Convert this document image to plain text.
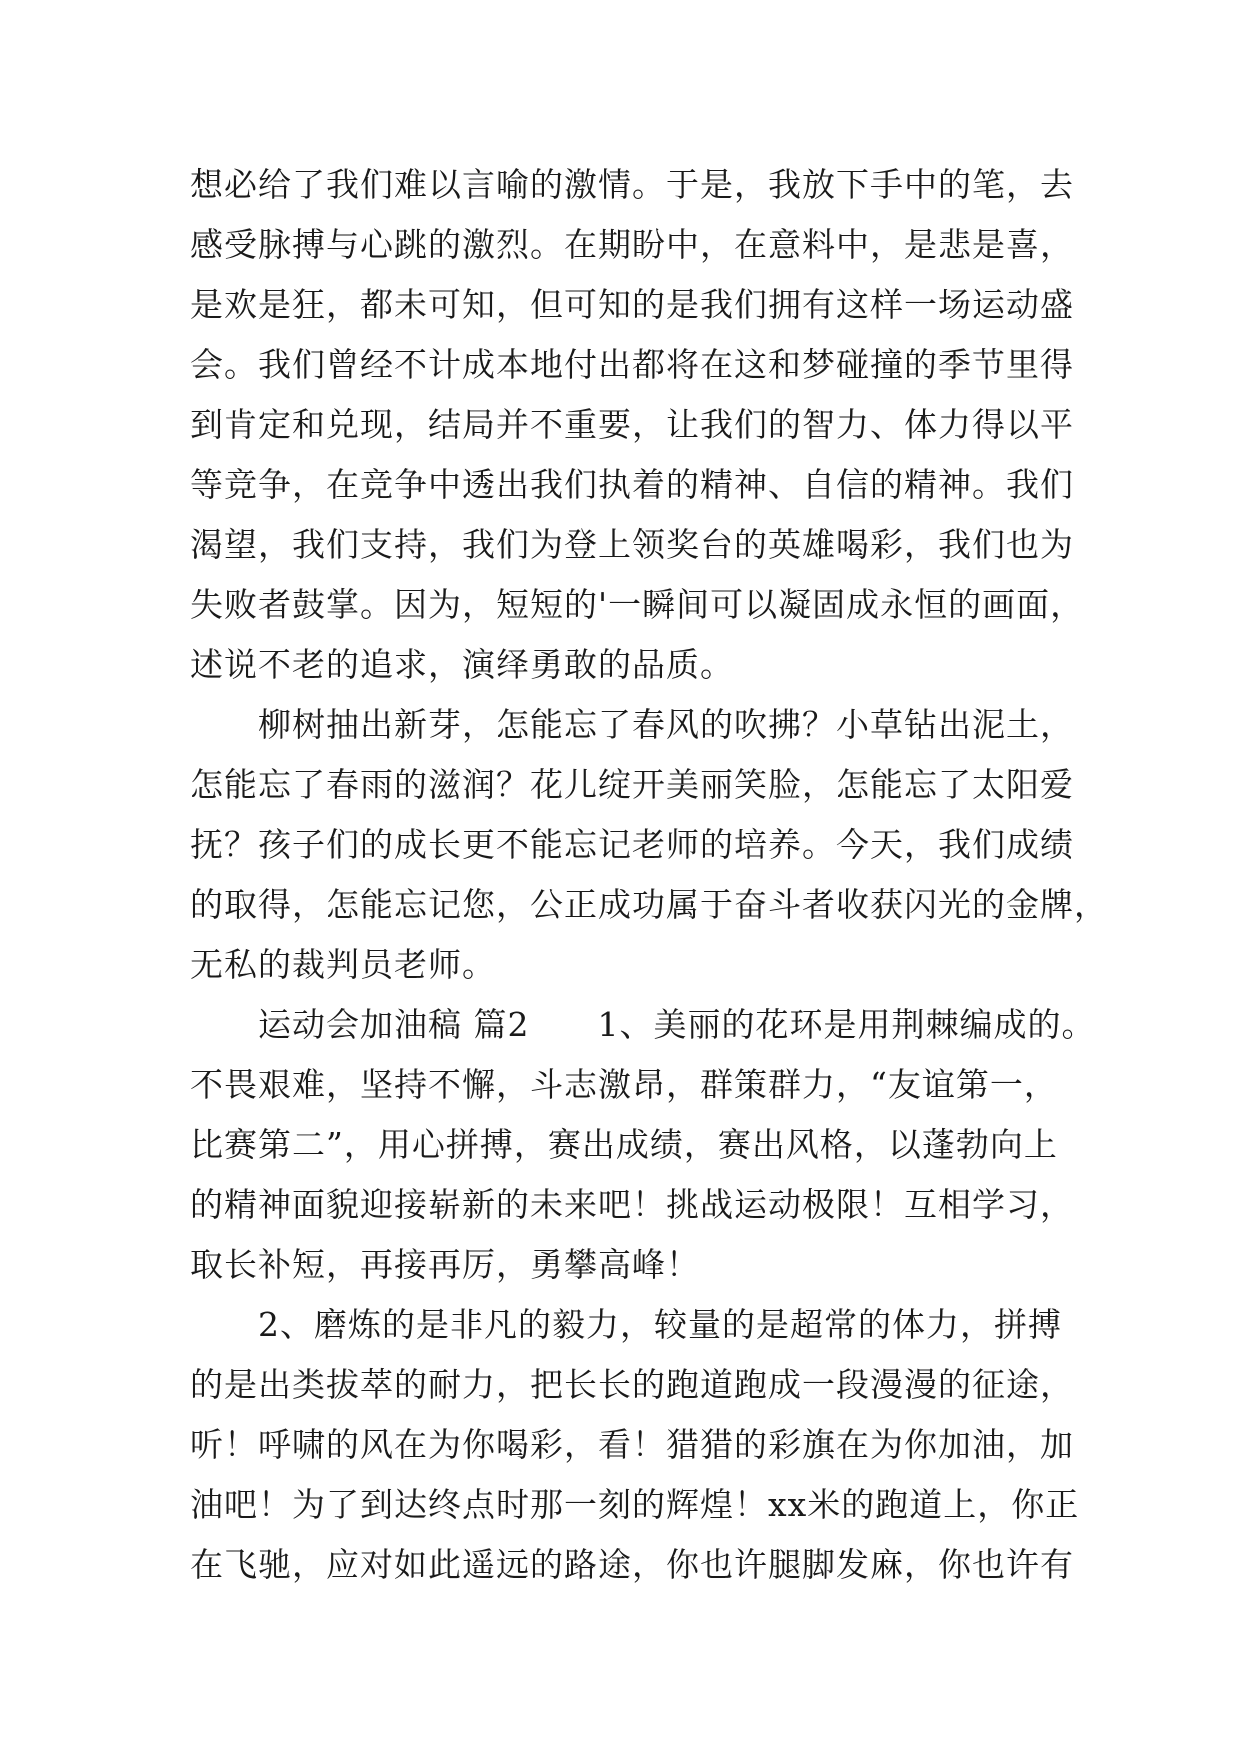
想必给了我们难以言喻的激情。于是，我放下手中的笔，去
感受脉搏与心跳的激烈。在期盼中，在意料中，是悲是喜，
是欢是狂，都未可知，但可知的是我们拥有这样一场运动盛
会。我们曾经不计成本地付出都将在这和梦碰撞的季节里得
到肯定和兑现，结局并不重要，让我们的智力、体力得以平
等竞争，在竞争中透出我们执着的精神、自信的精神。我们
渴望，我们支持，我们为登上领奖台的英雄喝彩，我们也为
失败者鼓掌。因为，短短的'一瞬间可以凝固成永恒的画面，
述说不老的追求，演绎勇敢的品质。
　　柳树抽出新芽，怎能忘了春风的吹拂？小草钻出泥土，
怎能忘了春雨的滋润？花儿绽开美丽笑脸，怎能忘了太阳爱
抚？孩子们的成长更不能忘记老师的培养。今天，我们成绩
的取得，怎能忘记您，公正成功属于奋斗者收获闪光的金牌，
无私的裁判员老师。
　　运动会加油稿 篇2　　1、美丽的花环是用荆棘编成的。
不畏艰难，坚持不懈，斗志激昂，群策群力，“友谊第一，
比赛第二”，用心拼搏，赛出成绩，赛出风格，以蓬勃向上
的精神面貌迎接崭新的未来吧！挑战运动极限！互相学习，
取长补短，再接再厉，勇攀高峰！
　　2、磨炼的是非凡的毅力，较量的是超常的体力，拼搏
的是出类拔萃的耐力，把长长的跑道跑成一段漫漫的征途，
听！呼啸的风在为你喝彩，看！猎猎的彩旗在为你加油，加
油吧！为了到达终点时那一刻的辉煌！xx米的跑道上，你正
在飞驰，应对如此遥远的路途，你也许腿脚发麻，你也许有
